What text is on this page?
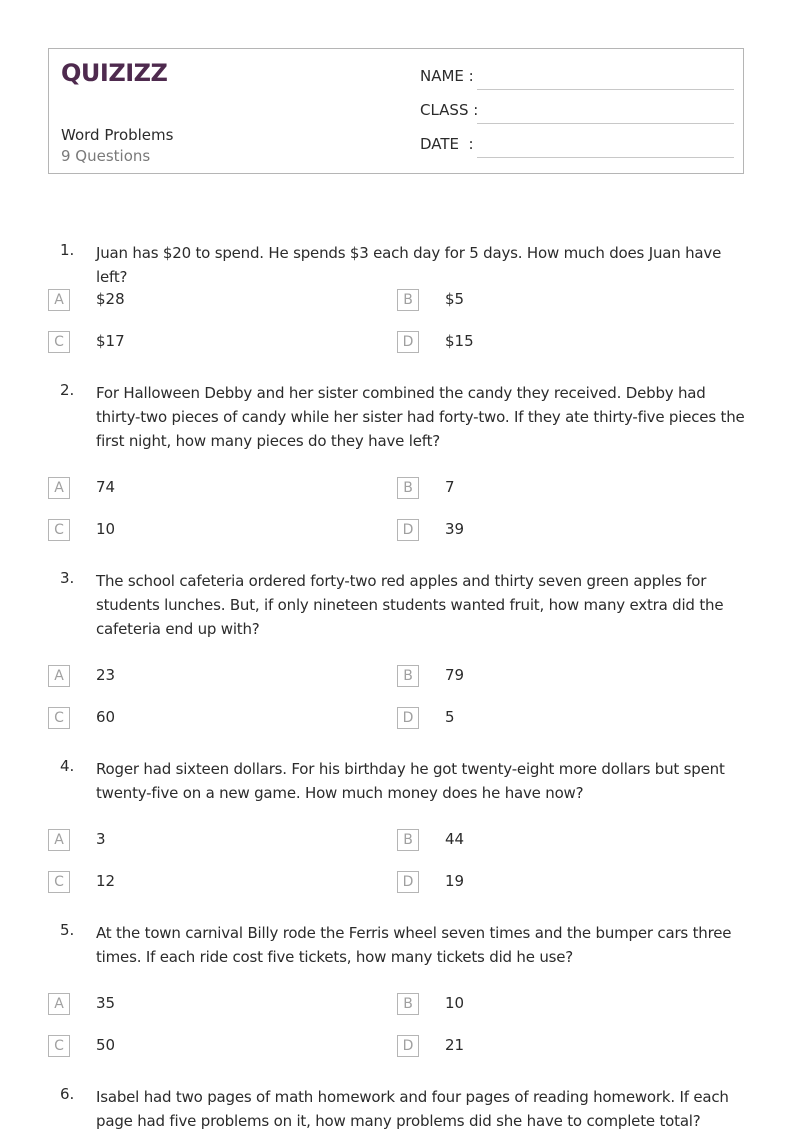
QUIZIZZ
Word Problems
9 Questions
NAME :
CLASS :
DATE  :
1. Juan has $20 to spend. He spends $3 each day for 5 days. How much does Juan have left?
A	$28	B	$5
C	$17	D	$15
2. For Halloween Debby and her sister combined the candy they received. Debby had thirty-two pieces of candy while her sister had forty-two. If they ate thirty-five pieces the first night, how many pieces do they have left?
A	74	B	7
C	10	D	39
3. The school cafeteria ordered forty-two red apples and thirty seven green apples for students lunches. But, if only nineteen students wanted fruit, how many extra did the cafeteria end up with?
A	23	B	79
C	60	D	5
4. Roger had sixteen dollars. For his birthday he got twenty-eight more dollars but spent twenty-five on a new game. How much money does he have now?
A	3	B	44
C	12	D	19
5. At the town carnival Billy rode the Ferris wheel seven times and the bumper cars three times. If each ride cost five tickets, how many tickets did he use?
A	35	B	10
C	50	D	21
6. Isabel had two pages of math homework and four pages of reading homework. If each page had five problems on it, how many problems did she have to complete total?
